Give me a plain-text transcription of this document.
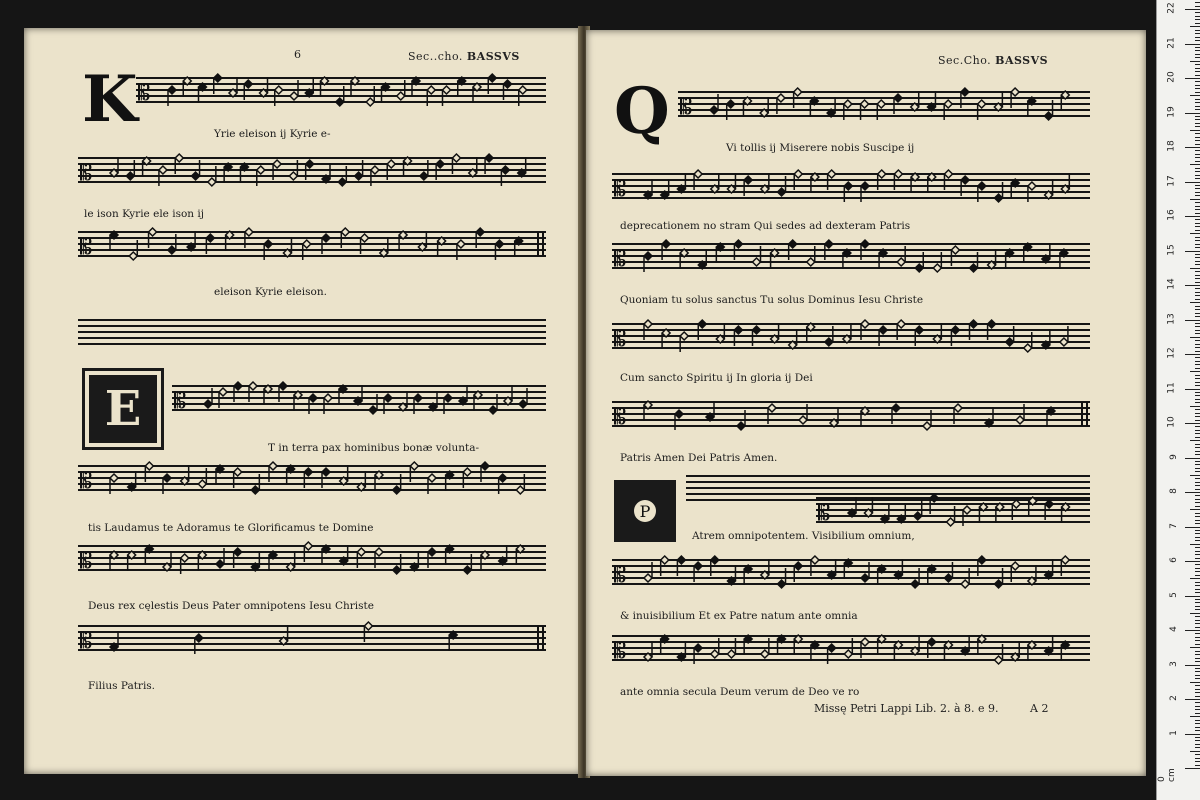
6	Sec..cho. BASSVS
K 𝄡
Yrie eleison ij Kyrie e-
𝄡
le ison Kyrie ele ison ij
𝄡
eleison Kyrie eleison.
E 𝄡
T in terra pax hominibus bonæ volunta-
𝄡
tis Laudamus te Adoramus te Glorificamus te Domine
𝄡
Deus rex cęlestis Deus Pater omnipotens Iesu Christe
𝄡
Filius Patris.
Sec.Cho. BASSVS
Q 𝄡
Vi tollis ij Miserere nobis Suscipe ij
𝄡
deprecationem no stram Qui sedes ad dexteram Patris
𝄡
Quoniam tu solus sanctus Tu solus Dominus Iesu Christe
𝄡
Cum sancto Spiritu ij In gloria ij Dei
𝄡
Patris Amen Dei Patris Amen.
P	𝄡
Atrem omnipotentem. Visibilium omnium,
𝄡
& inuisibilium Et ex Patre natum ante omnia
𝄡
ante omnia secula Deum verum de Deo ve ro
Missę Petri Lappi Lib. 2. à 8. e 9.	A 2
0 cm
1
2
3
4
5
6
7
8
9
10
11
12
13
14
15
16
17
18
19
20
21
22
